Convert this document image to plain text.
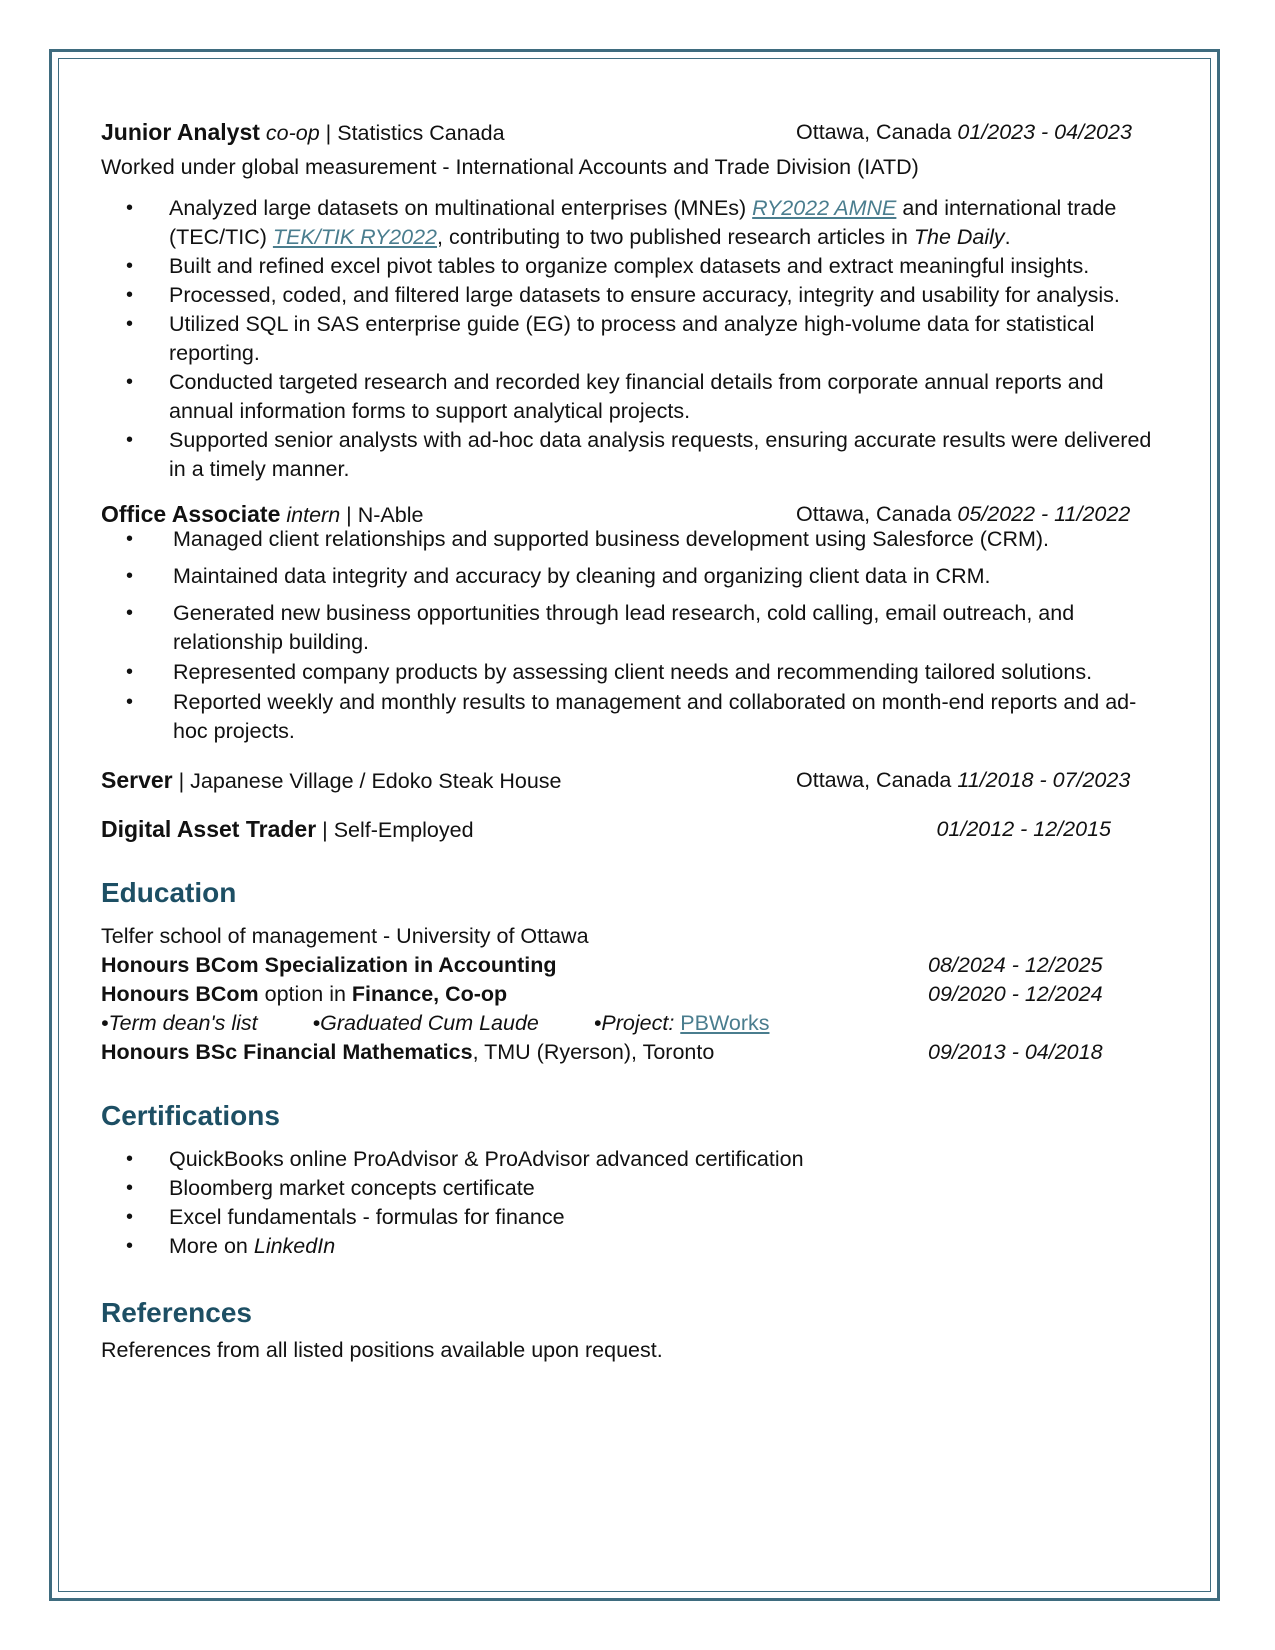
Junior Analyst co-op | Statistics Canada	Ottawa, Canada 01/2023 - 04/2023
Worked under global measurement - International Accounts and Trade Division (IATD)
• Analyzed large datasets on multinational enterprises (MNEs) RY2022 AMNE and international trade (TEC/TIC) TEK/TIK RY2022, contributing to two published research articles in The Daily.
• Built and refined excel pivot tables to organize complex datasets and extract meaningful insights.
• Processed, coded, and filtered large datasets to ensure accuracy, integrity and usability for analysis.
• Utilized SQL in SAS enterprise guide (EG) to process and analyze high-volume data for statistical reporting.
• Conducted targeted research and recorded key financial details from corporate annual reports and annual information forms to support analytical projects.
• Supported senior analysts with ad-hoc data analysis requests, ensuring accurate results were delivered in a timely manner.
Office Associate intern | N-Able	Ottawa, Canada 05/2022 - 11/2022
• Managed client relationships and supported business development using Salesforce (CRM).
• Maintained data integrity and accuracy by cleaning and organizing client data in CRM.
• Generated new business opportunities through lead research, cold calling, email outreach, and relationship building.
• Represented company products by assessing client needs and recommending tailored solutions.
• Reported weekly and monthly results to management and collaborated on month-end reports and ad-hoc projects.
Server | Japanese Village / Edoko Steak House	Ottawa, Canada 11/2018 - 07/2023
Digital Asset Trader | Self-Employed	01/2012 - 12/2015
Education
Telfer school of management - University of Ottawa
Honours BCom Specialization in Accounting	08/2024 - 12/2025
Honours BCom option in Finance, Co-op	09/2020 - 12/2024
•Term dean's list	•Graduated Cum Laude	•Project: PBWorks
Honours BSc Financial Mathematics, TMU (Ryerson), Toronto	09/2013 - 04/2018
Certifications
• QuickBooks online ProAdvisor & ProAdvisor advanced certification
• Bloomberg market concepts certificate
• Excel fundamentals - formulas for finance
• More on LinkedIn
References
References from all listed positions available upon request.
